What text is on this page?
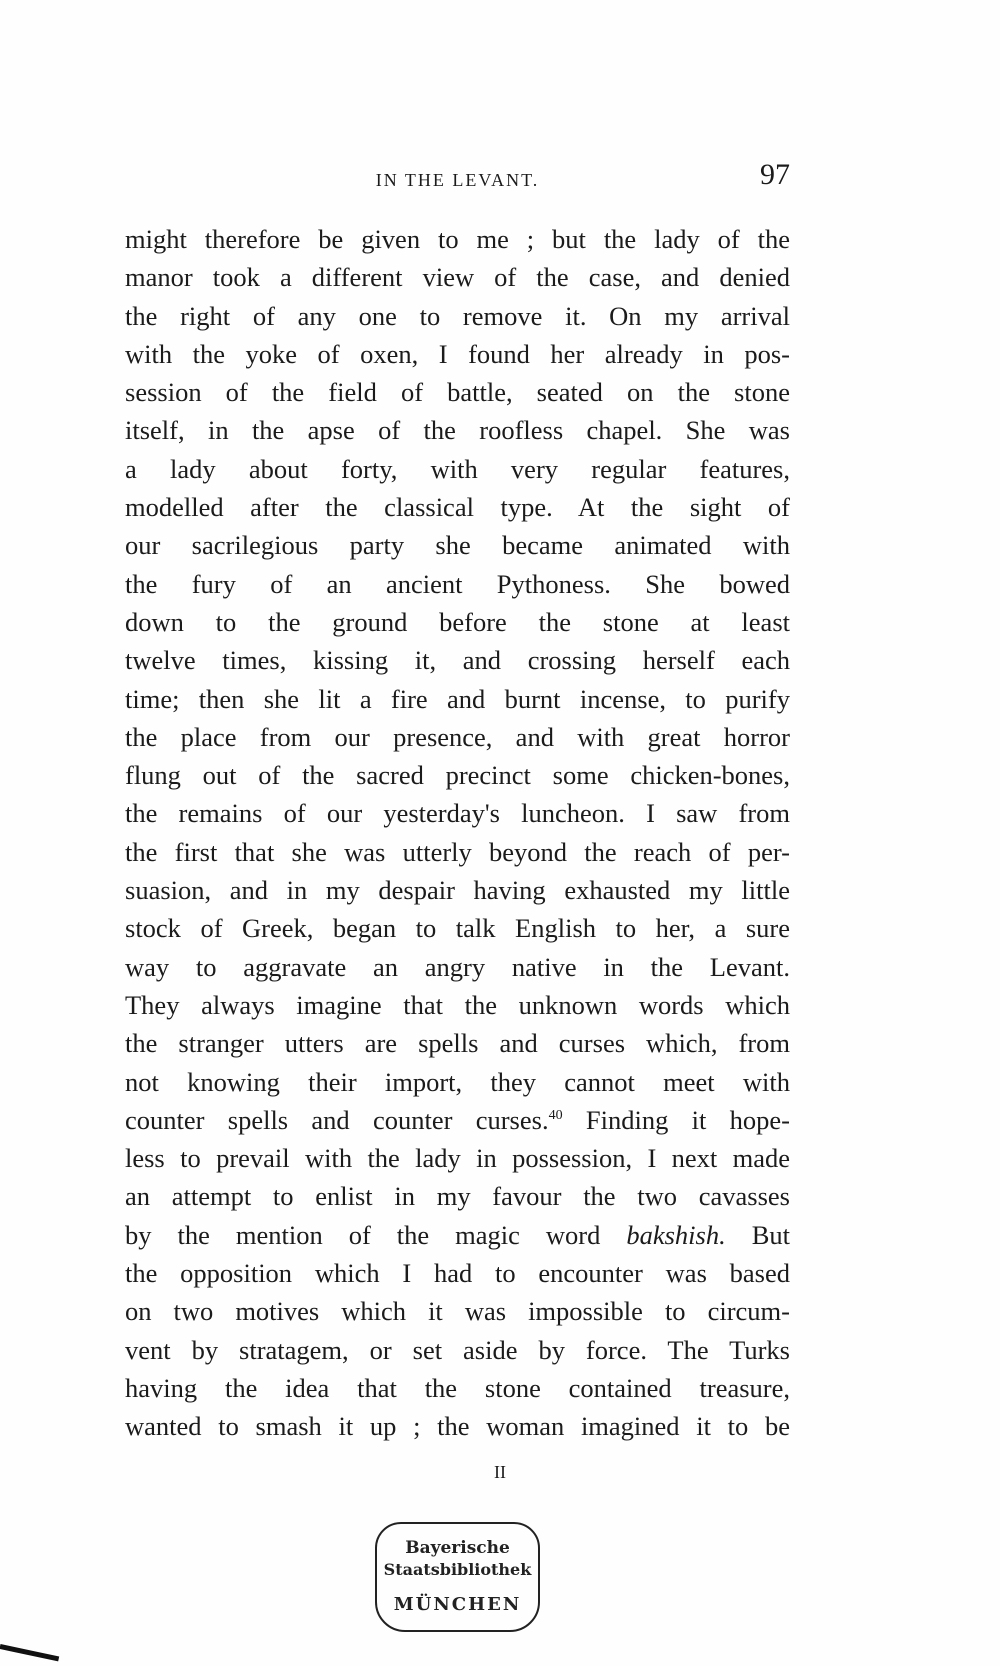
IN THE LEVANT.	97
might therefore be given to me ; but the lady of the
manor took a different view of the case, and denied
the right of any one to remove it. On my arrival
with the yoke of oxen, I found her already in pos-
session of the field of battle, seated on the stone
itself, in the apse of the roofless chapel. She was
a lady about forty, with very regular features,
modelled after the classical type. At the sight of
our sacrilegious party she became animated with
the fury of an ancient Pythoness. She bowed
down to the ground before the stone at least
twelve times, kissing it, and crossing herself each
time; then she lit a fire and burnt incense, to purify
the place from our presence, and with great horror
flung out of the sacred precinct some chicken-bones,
the remains of our yesterday's luncheon. I saw from
the first that she was utterly beyond the reach of per-
suasion, and in my despair having exhausted my little
stock of Greek, began to talk English to her, a sure
way to aggravate an angry native in the Levant.
They always imagine that the unknown words which
the stranger utters are spells and curses which, from
not knowing their import, they cannot meet with
counter spells and counter curses.$^{40}$ Finding it hope-
less to prevail with the lady in possession, I next made
an attempt to enlist in my favour the two cavasses
by the mention of the magic word bakshish. But
the opposition which I had to encounter was based
on two motives which it was impossible to circum-
vent by stratagem, or set aside by force. The Turks
having the idea that the stone contained treasure,
wanted to smash it up ; the woman imagined it to be
II
Bayerische
Staatsbibliothek
MÜNCHEN
